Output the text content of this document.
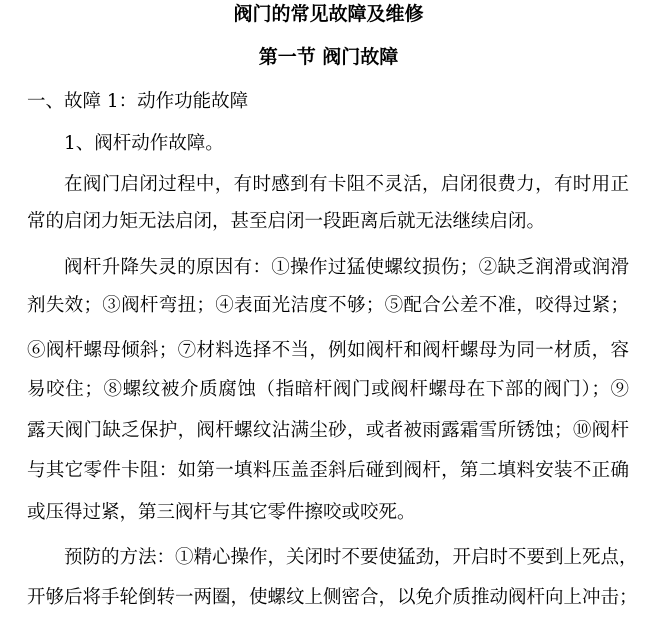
阀门的常见故障及维修
第一节 阀门故障
一、故障 1：动作功能故障
1、阀杆动作故障。
在阀门启闭过程中，有时感到有卡阻不灵活，启闭很费力，有时用正
常的启闭力矩无法启闭，甚至启闭一段距离后就无法继续启闭。
阀杆升降失灵的原因有：①操作过猛使螺纹损伤；②缺乏润滑或润滑
剂失效；③阀杆弯扭；④表面光洁度不够；⑤配合公差不准，咬得过紧；
⑥阀杆螺母倾斜；⑦材料选择不当，例如阀杆和阀杆螺母为同一材质，容
易咬住；⑧螺纹被介质腐蚀（指暗杆阀门或阀杆螺母在下部的阀门）；⑨
露天阀门缺乏保护，阀杆螺纹沾满尘砂，或者被雨露霜雪所锈蚀；⑩阀杆
与其它零件卡阻：如第一填料压盖歪斜后碰到阀杆，第二填料安装不正确
或压得过紧，第三阀杆与其它零件擦咬或咬死。
预防的方法：①精心操作，关闭时不要使猛劲，开启时不要到上死点，
开够后将手轮倒转一两圈，使螺纹上侧密合，以免介质推动阀杆向上冲击；
